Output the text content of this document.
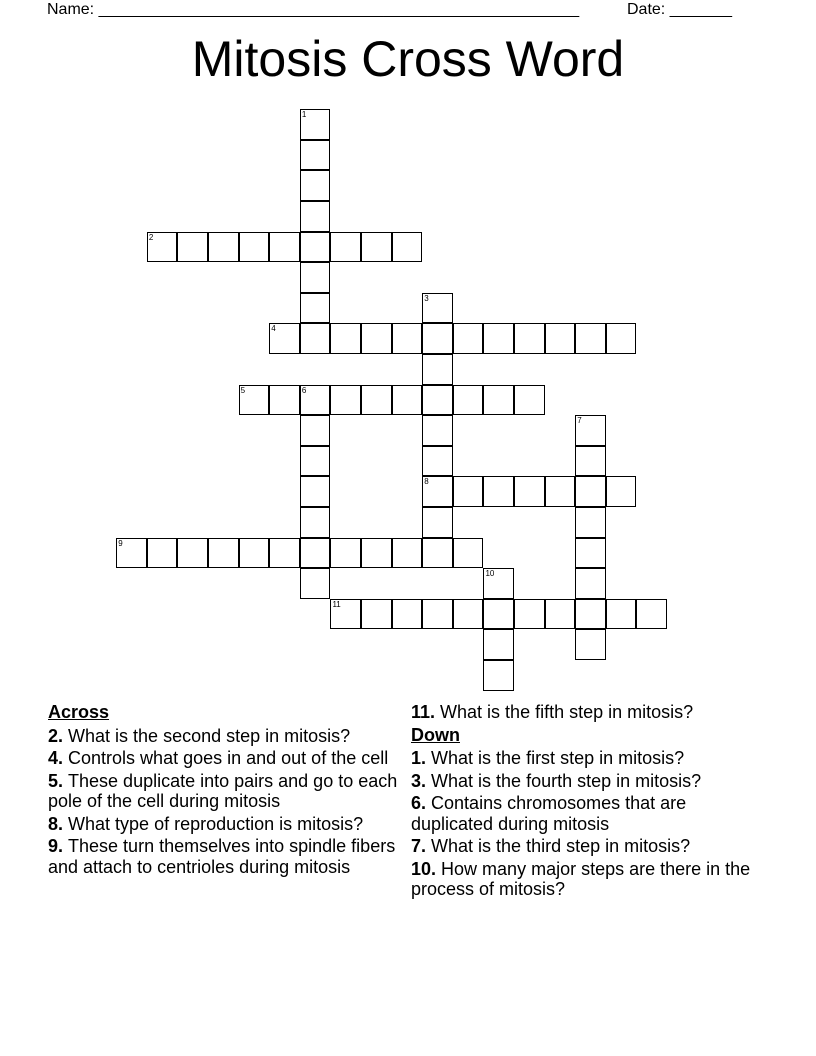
Name: ______________________________________________________	Date: _______
Mitosis Cross Word
2
4
5	6
8
9
11
1
3
7
10
Across
2. What is the second step in mitosis?
4. Controls what goes in and out of the cell
5. These duplicate into pairs and go to each pole of the cell during mitosis
8. What type of reproduction is mitosis?
9. These turn themselves into spindle fibers and attach to centrioles during mitosis
11. What is the fifth step in mitosis?
Down
1. What is the first step in mitosis?
3. What is the fourth step in mitosis?
6. Contains chromosomes that are duplicated during mitosis
7. What is the third step in mitosis?
10. How many major steps are there in the process of mitosis?
